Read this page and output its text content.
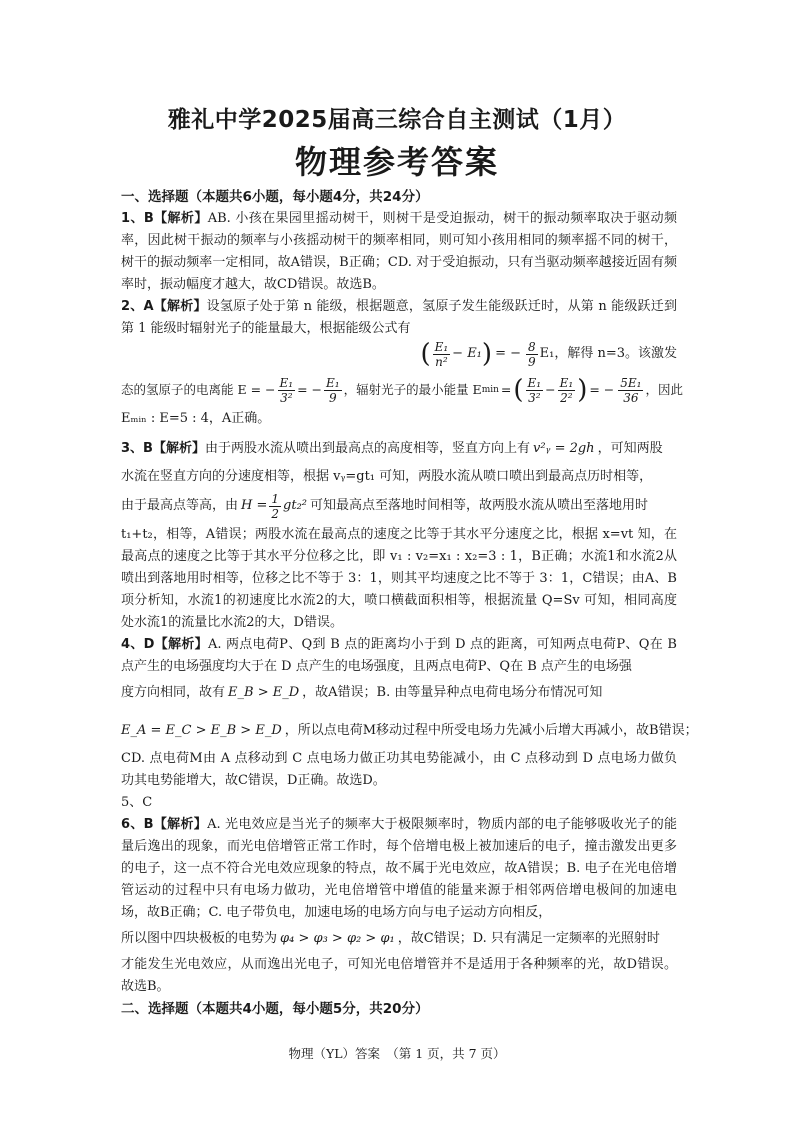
雅礼中学2025届高三综合自主测试（1月）
物理参考答案

一、选择题（本题共6小题，每小题4分，共24分）

1、B【解析】AB. 小孩在果园里摇动树干，则树干是受迫振动，树干的振动频率取决于驱动频率，因此树干振动的频率与小孩摇动树干的频率相同，则可知小孩用相同的频率摇不同的树干，树干的振动频率一定相同，故A错误，B正确；CD. 对于受迫振动，只有当驱动频率越接近固有频率时，振动幅度才越大，故CD错误。故选B。

2、A【解析】设氢原子处于第 n 能级，根据题意，氢原子发生能级跃迁时，从第 n 能级跃迁到第 1 能级时辐射光子的能量最大，根据能级公式有

( $\frac{\text{E₁}}{\text{n²}} - E_1$ ) = − $\frac{8}{9} E_1$，解得 n=3。该激发
态的氢原子的电离能 E = − $\frac{\text{E₁}}{\text{3²}}$ = − $\frac{\text{E₁}}{9}$ ，辐射光子的最小能量 E min = ( $\frac{\text{E₁}}{\text{3²}} - \frac{\text{E₁}}{\text{2²}}$ ) = − $\frac{\text{5E₁}}{36}$ ，因此

Eₘᵢₙ : E=5 : 4，A正确。

3、B【解析】 由于两股水流从喷出到最高点的高度相等，竖直方向上有 v²ᵧ = 2gh ，可知两股

水流在竖直方向的分速度相等，根据 vᵧ=gt₁ 可知，两股水流从喷口喷出到最高点历时相等，

由于最高点等高，由 $H = \frac{1}{2} gt_2^2$ 可知最高点至落地时间相等，故两股水流从喷出至落地用时

t₁+t₂，相等，A错误；两股水流在最高点的速度之比等于其水平分速度之比，根据 x=vt 知，在最高点的速度之比等于其水平分位移之比，即 v₁ : v₂=x₁ : x₂=3 : 1，B正确；水流1和水流2从喷出到落地用时相等，位移之比不等于 3：1，则其平均速度之比不等于 3：1，C错误；由A、B项分析知，水流1的初速度比水流2的大，喷口横截面积相等，根据流量 Q=Sv 可知，相同高度处水流1的流量比水流2的大，D错误。

4、D【解析】A. 两点电荷P、Q到 B 点的距离均小于到 D 点的距离，可知两点电荷P、Q在 B 点产生的电场强度均大于在 D 点产生的电场强度，且两点电荷P、Q在 B 点产生的电场强

度方向相同，故有 E_B > E_D ，故A错误；B. 由等量异种点电荷电场分布情况可知
E_A = E_C > E_B > E_D ，所以点电荷M移动过程中所受电场力先减小后增大再减小，故B错误；

CD. 点电荷M由 A 点移动到 C 点电场力做正功其电势能减小，由 C 点移动到 D 点电场力做负功其电势能增大，故C错误，D正确。故选D。

5、C

6、B【解析】A. 光电效应是当光子的频率大于极限频率时，物质内部的电子能够吸收光子的能量后逸出的现象，而光电倍增管正常工作时，每个倍增电极上被加速后的电子，撞击激发出更多的电子，这一点不符合光电效应现象的特点，故不属于光电效应，故A错误；B. 电子在光电倍增管运动的过程中只有电场力做功，光电倍增管中增值的能量来源于相邻两倍增电极间的加速电场，故B正确；C. 电子带负电，加速电场的电场方向与电子运动方向相反，

所以图中四块极板的电势为 φ₄ > φ₃ > φ₂ > φ₁ ，故C错误；D. 只有满足一定频率的光照射时

才能发生光电效应，从而逸出光电子，可知光电倍增管并不是适用于各种频率的光，故D错误。故选B。

二、选择题（本题共4小题，每小题5分，共20分）

物理（YL）答案　（第 1 页，共 7 页）
